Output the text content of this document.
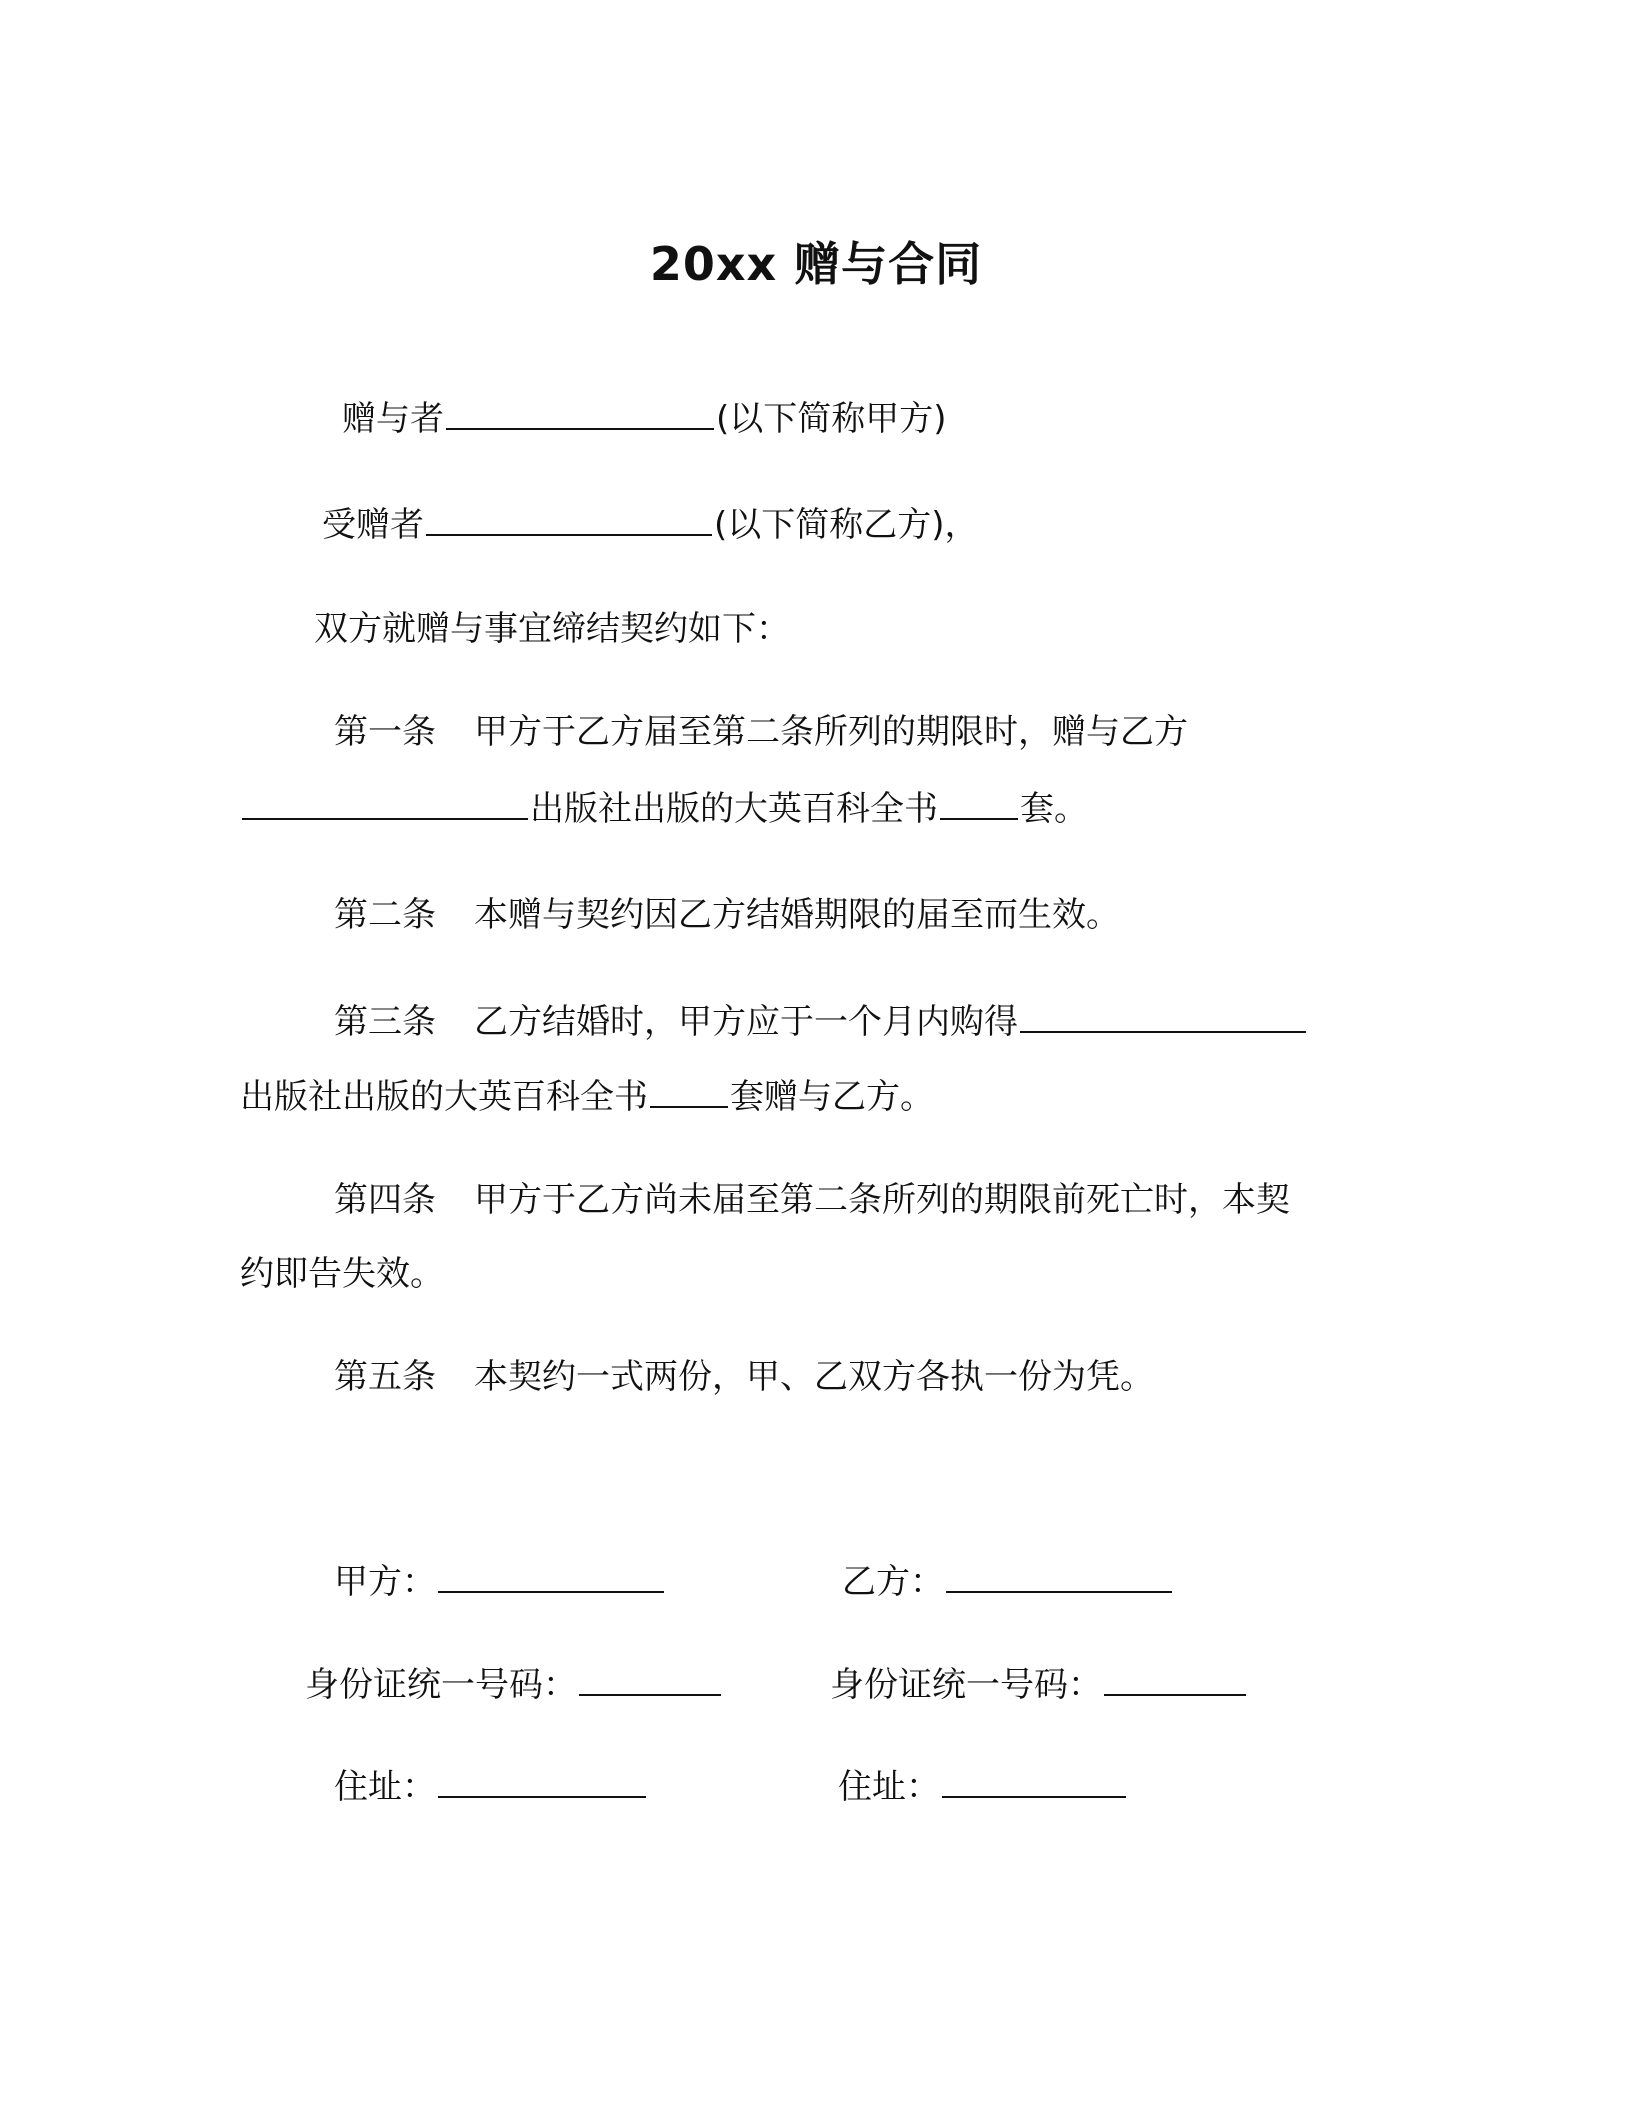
20xx 赠与合同
赠与者	(以下简称甲方)
受赠者	(以下简称乙方)，
双方就赠与事宜缔结契约如下：
第一条 甲方于乙方届至第二条所列的期限时，赠与乙方
出版社出版的大英百科全书 套。
第二条 本赠与契约因乙方结婚期限的届至而生效。
第三条 乙方结婚时，甲方应于一个月内购得
出版社出版的大英百科全书 套赠与乙方。
第四条 甲方于乙方尚未届至第二条所列的期限前死亡时，本契
约即告失效。
第五条 本契约一式两份，甲、乙双方各执一份为凭。
甲方：	乙方：
身份证统一号码：	身份证统一号码：
住址：	住址：
